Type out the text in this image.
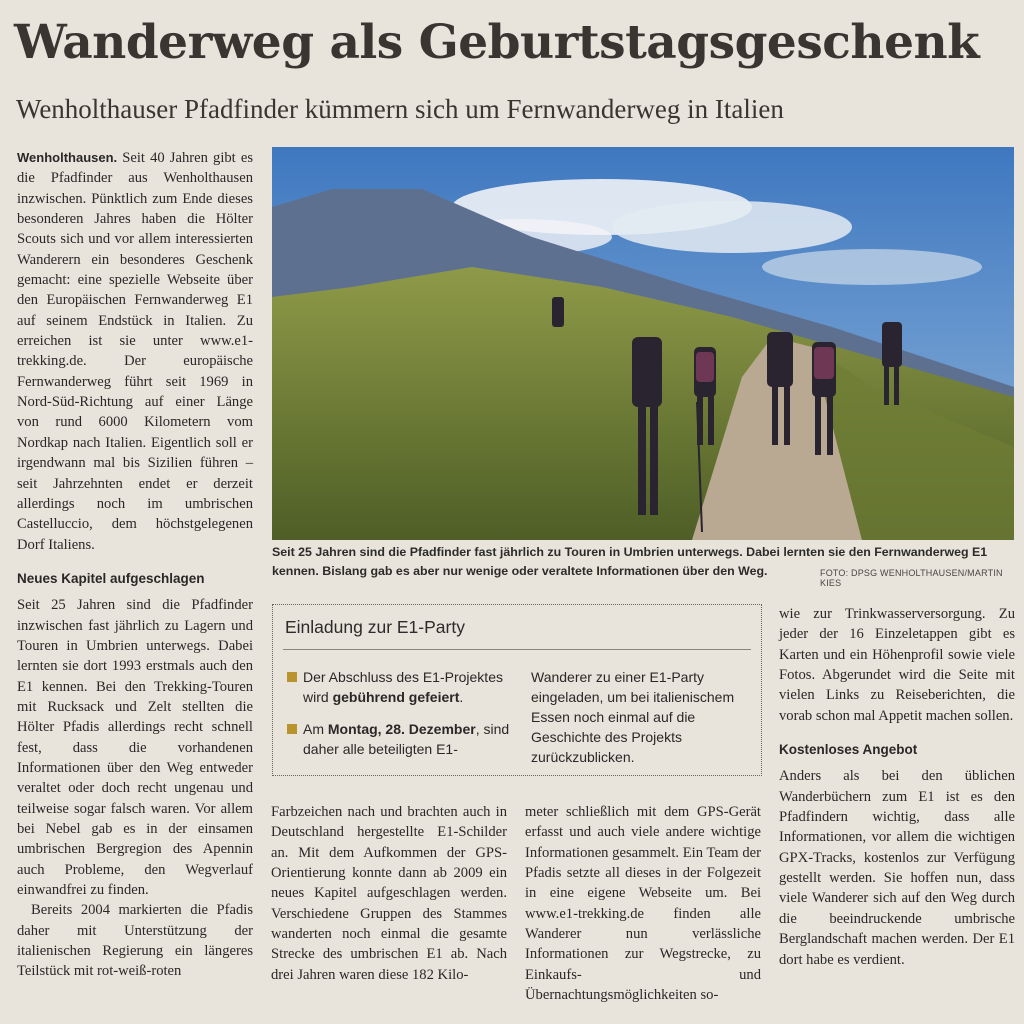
Wanderweg als Geburtstagsgeschenk
Wenholthauser Pfadfinder kümmern sich um Fernwanderweg in Italien

Wenholthausen. Seit 40 Jahren gibt es die Pfadfinder aus Wenholthausen inzwischen. Pünktlich zum Ende dieses besonderen Jahres haben die Hölter Scouts sich und vor allem interessierten Wanderern ein besonderes Geschenk gemacht: eine spezielle Webseite über den Europäischen Fernwanderweg E1 auf seinem Endstück in Italien. Zu erreichen ist sie unter www.e1-trekking.de. Der europäische Fernwanderweg führt seit 1969 in Nord-Süd-Richtung auf einer Länge von rund 6000 Kilometern vom Nordkap nach Italien. Eigentlich soll er irgendwann mal bis Sizilien führen – seit Jahrzehnten endet er derzeit allerdings noch im umbrischen Castelluccio, dem höchstgelegenen Dorf Italiens.

Neues Kapitel aufgeschlagen

Seit 25 Jahren sind die Pfadfinder inzwischen fast jährlich zu Lagern und Touren in Umbrien unterwegs. Dabei lernten sie dort 1993 erstmals auch den E1 kennen. Bei den Trekking-Touren mit Rucksack und Zelt stellten die Hölter Pfadis allerdings recht schnell fest, dass die vorhandenen Informationen über den Weg entweder veraltet oder doch recht ungenau und teilweise sogar falsch waren. Vor allem bei Nebel gab es in der einsamen umbrischen Bergregion des Apennin auch Probleme, den Wegverlauf einwandfrei zu finden.

Bereits 2004 markierten die Pfadis daher mit Unterstützung der italienischen Regierung ein längeres Teilstück mit rot-weiß-roten

Seit 25 Jahren sind die Pfadfinder fast jährlich zu Touren in Umbrien unterwegs. Dabei lernten sie den Fernwanderweg E1 kennen. Bislang gab es aber nur wenige oder veraltete Informationen über den Weg.	FOTO: DPSG WENHOLTHAUSEN/MARTIN KIES
Einladung zur E1-Party
Der Abschluss des E1-Projektes wird gebührend gefeiert.
Am Montag, 28. Dezember, sind daher alle beteiligten E1-
Wanderer zu einer E1-Party eingeladen, um bei italienischem Essen noch einmal auf die Geschichte des Projekts zurückzublicken.

Farbzeichen nach und brachten auch in Deutschland hergestellte E1-Schilder an. Mit dem Aufkommen der GPS-Orientierung konnte dann ab 2009 ein neues Kapitel aufgeschlagen werden. Verschiedene Gruppen des Stammes wanderten noch einmal die gesamte Strecke des umbrischen E1 ab. Nach drei Jahren waren diese 182 Kilo-

meter schließlich mit dem GPS-Gerät erfasst und auch viele andere wichtige Informationen gesammelt. Ein Team der Pfadis setzte all dieses in der Folgezeit in eine eigene Webseite um. Bei www.e1-trekking.de finden alle Wanderer nun verlässliche Informationen zur Wegstrecke, zu Einkaufs- und Übernachtungsmöglichkeiten so-

wie zur Trinkwasserversorgung. Zu jeder der 16 Einzeletappen gibt es Karten und ein Höhenprofil sowie viele Fotos. Abgerundet wird die Seite mit vielen Links zu Reiseberichten, die vorab schon mal Appetit machen sollen.

Kostenloses Angebot

Anders als bei den üblichen Wanderbüchern zum E1 ist es den Pfadfindern wichtig, dass alle Informationen, vor allem die wichtigen GPX-Tracks, kostenlos zur Verfügung gestellt werden. Sie hoffen nun, dass viele Wanderer sich auf den Weg durch die beeindruckende umbrische Berglandschaft machen werden. Der E1 dort habe es verdient.
